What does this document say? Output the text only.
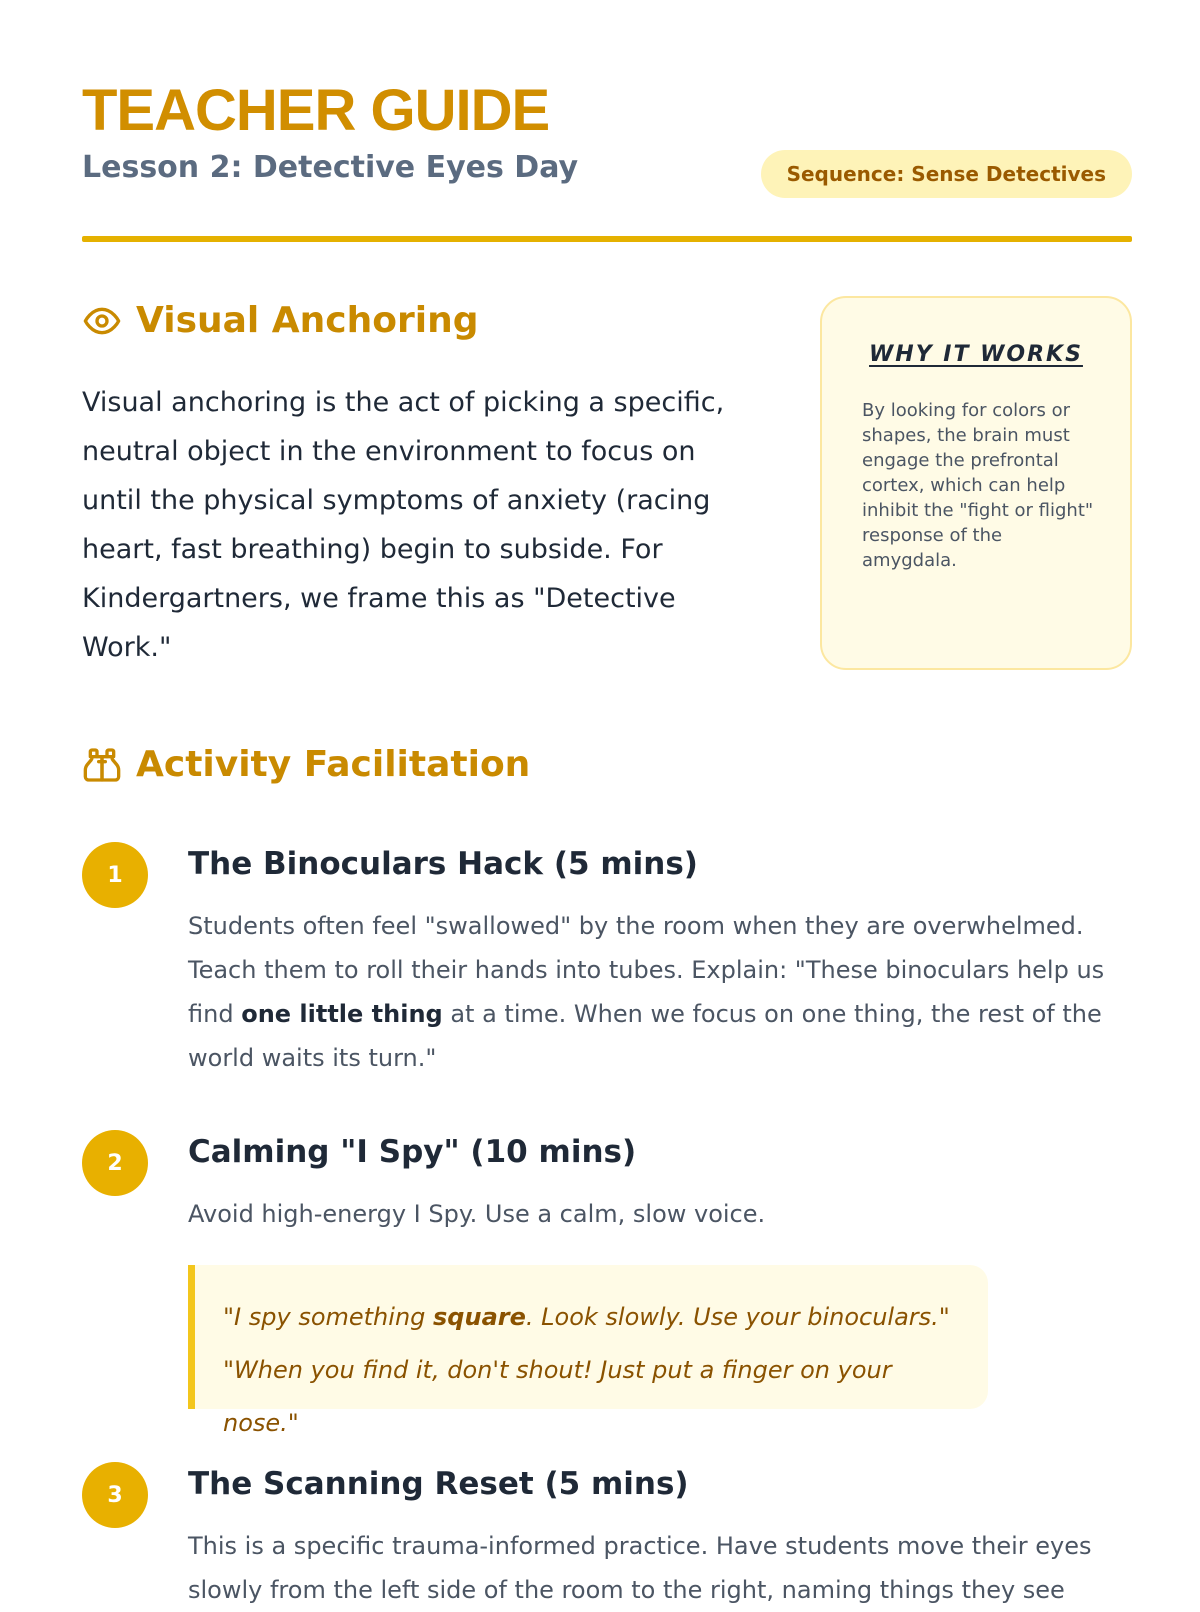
TEACHER GUIDE
Lesson 2: Detective Eyes Day	Sequence: Sense Detectives
Visual Anchoring

Visual anchoring is the act of picking a specific, neutral object in the environment to focus on until the physical symptoms of anxiety (racing heart, fast breathing) begin to subside. For Kindergartners, we frame this as "Detective Work."

WHY IT WORKS

By looking for colors or shapes, the brain must engage the prefrontal cortex, which can help inhibit the "fight or flight" response of the amygdala.

Activity Facilitation
1	The Binoculars Hack (5 mins)

Students often feel "swallowed" by the room when they are overwhelmed. Teach them to roll their hands into tubes. Explain: "These binoculars help us find one little thing at a time. When we focus on one thing, the rest of the world waits its turn."

2	Calming "I Spy" (10 mins)

Avoid high-energy I Spy. Use a calm, slow voice.

"I spy something square. Look slowly. Use your binoculars."

"When you find it, don't shout! Just put a finger on your nose."

3	The Scanning Reset (5 mins)

This is a specific trauma-informed practice. Have students move their eyes slowly from the left side of the room to the right, naming things they see
